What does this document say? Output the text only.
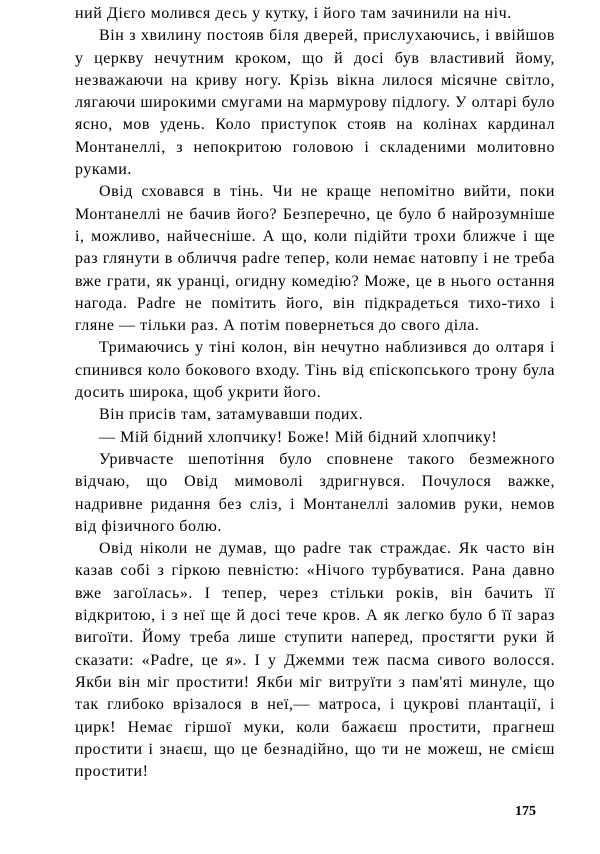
ний Дієго молився десь у кутку, і його там зачинили на ніч.

Він з хвилину постояв біля дверей, прислухаючись, і ввійшов у церкву нечутним кроком, що й досі був властивий йому, незважаючи на криву ногу. Крізь вікна лилося місячне світло, лягаючи широкими смугами на мармурову підлогу. У олтарі було ясно, мов удень. Коло приступок стояв на колінах кардинал Монтанеллі, з непокритою головою і складеними молитовно руками.

Овід сховався в тінь. Чи не краще непомітно вийти, поки Монтанеллі не бачив його? Безперечно, це було б найрозумніше і, можливо, найчесніше. А що, коли підійти трохи ближче і ще раз глянути в обличчя padre тепер, коли немає натовпу і не треба вже грати, як уранці, огидну комедію? Може, це в нього остання нагода. Padre не помітить його, він підкрадеться тихо-тихо і гляне — тільки раз. А потім повернеться до свого діла.

Тримаючись у тіні колон, він нечутно наблизився до олтаря і спинився коло бокового входу. Тінь від єпіскопського трону була досить широка, щоб укрити його.

Він присів там, затамувавши подих.

— Мій бідний хлопчику! Боже! Мій бідний хлопчику!

Уривчасте шепотіння було сповнене такого безмежного відчаю, що Овід мимоволі здригнувся. Почулося важке, надривне ридання без сліз, і Монтанеллі заломив руки, немов від фізичного болю.

Овід ніколи не думав, що padre так страждає. Як часто він казав собі з гіркою певністю: «Нічого турбуватися. Рана давно вже загоїлась». І тепер, через стільки років, він бачить її відкритою, і з неї ще й досі тече кров. А як легко було б її зараз вигоїти. Йому треба лише ступити наперед, простягти руки й сказати: «Padre, це я». І у Джемми теж пасма сивого волосся. Якби він міг простити! Якби міг витруїти з пам'яті минуле, що так глибоко врізалося в неї,— матроса, і цукрові плантації, і цирк! Немає гіршої муки, коли бажаєш простити, прагнеш простити і знаєш, що це безнадійно, що ти не можеш, не смієш простити!

175
